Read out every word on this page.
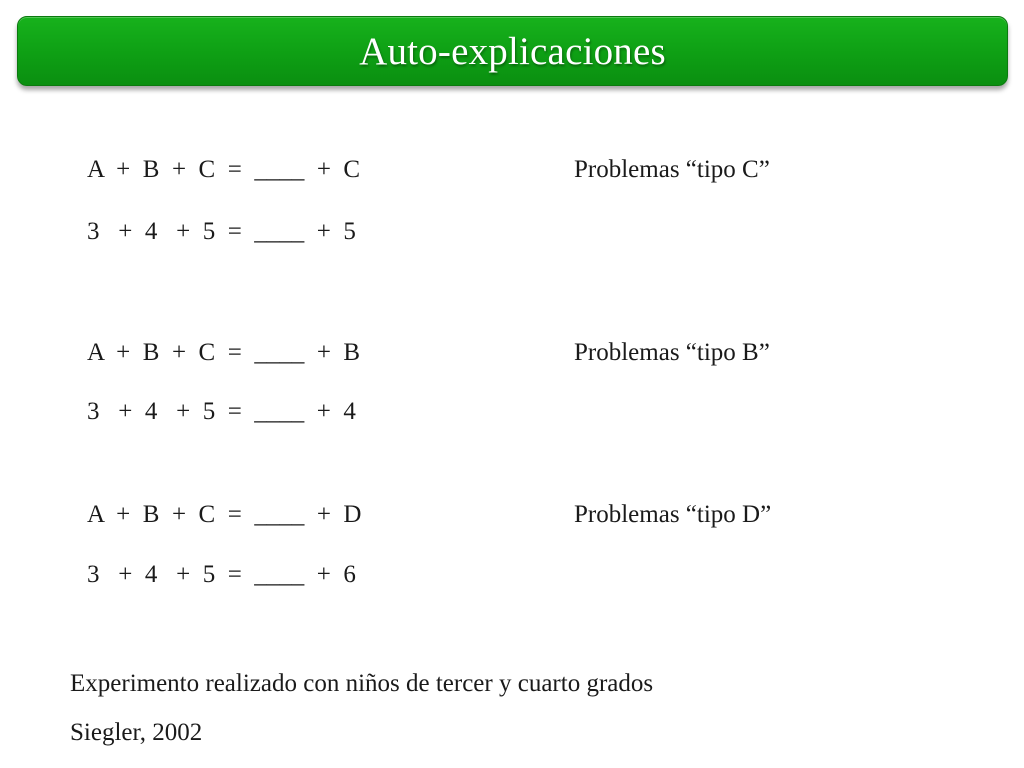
Auto-explicaciones
A  +  B  +  C  =  ____  +  C
3   +  4   +  5  =  ____  +  5
Problemas “tipo C”
A  +  B  +  C  =  ____  +  B
3   +  4   +  5  =  ____  +  4
Problemas “tipo B”
A  +  B  +  C  =  ____  +  D
3   +  4   +  5  =  ____  +  6
Problemas “tipo D”
Experimento realizado con niños de tercer y cuarto grados
Siegler, 2002
